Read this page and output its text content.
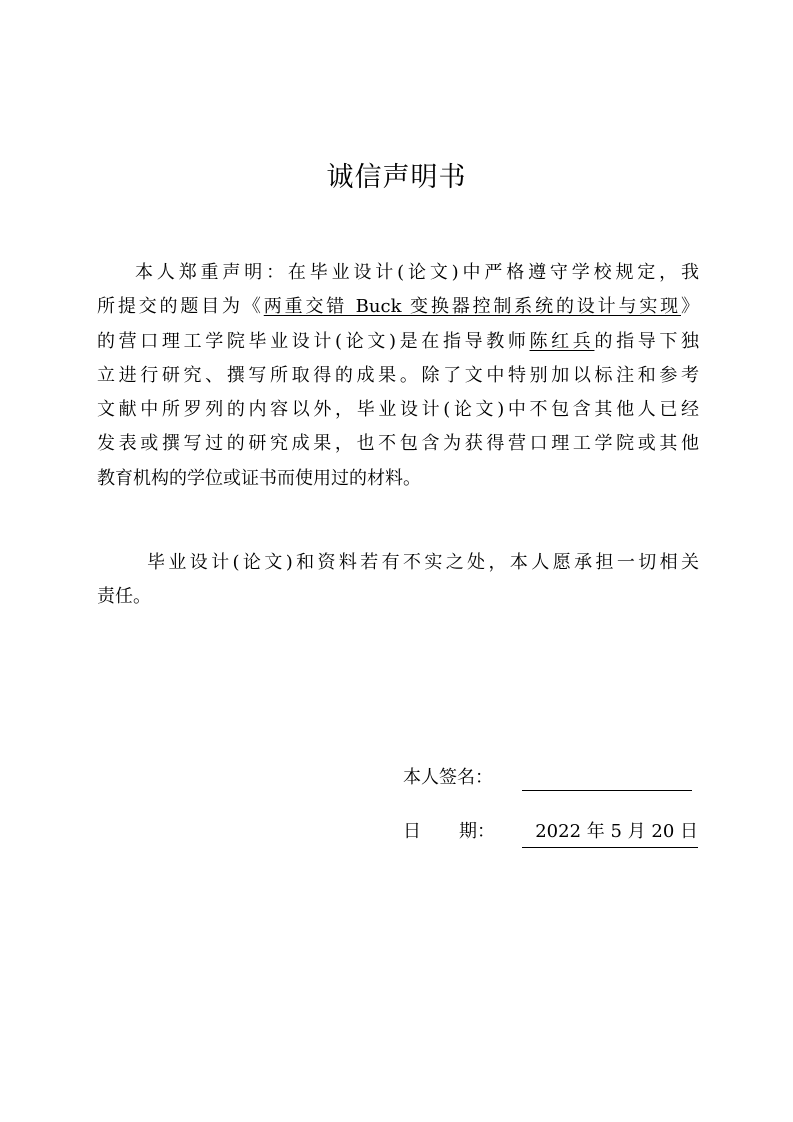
诚信声明书
本人郑重声明：在毕业设计(论文)中严格遵守学校规定，我
所提交的题目为《两重交错 Buck 变换器控制系统的设计与实现》
的营口理工学院毕业设计(论文)是在指导教师陈红兵的指导下独
立进行研究、撰写所取得的成果。除了文中特别加以标注和参考
文献中所罗列的内容以外，毕业设计(论文)中不包含其他人已经
发表或撰写过的研究成果，也不包含为获得营口理工学院或其他
教育机构的学位或证书而使用过的材料。
毕业设计(论文)和资料若有不实之处，本人愿承担一切相关
责任。
本人签名：
日 期：	2022 年 5 月 20 日
